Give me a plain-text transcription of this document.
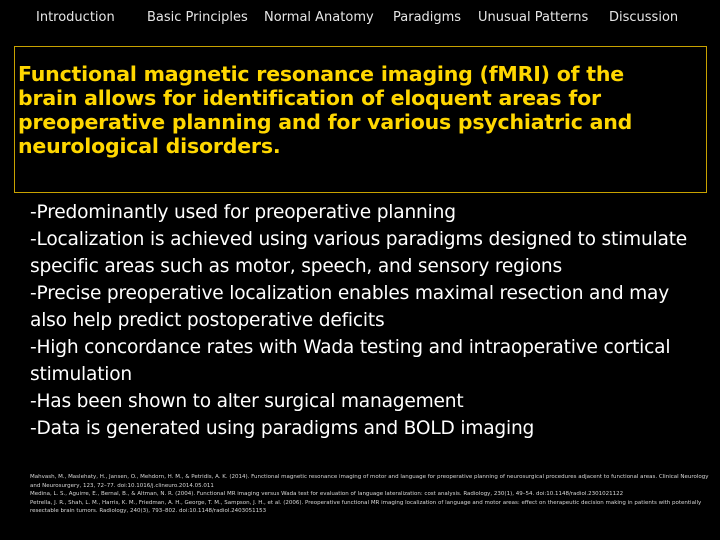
Introduction Basic Principles Normal Anatomy Paradigms Unusual Patterns Discussion
Functional magnetic resonance imaging (fMRI) of the brain allows for identification of eloquent areas for preoperative planning and for various psychiatric and neurological disorders.
-Predominantly used for preoperative planning
-Localization is achieved using various paradigms designed to stimulate specific areas such as motor, speech, and sensory regions
-Precise preoperative localization enables maximal resection and may also help predict postoperative deficits
-High concordance rates with Wada testing and intraoperative cortical stimulation
-Has been shown to alter surgical management
-Data is generated using paradigms and BOLD imaging
Mahvash, M., Maslehaty, H., Jansen, O., Mehdorn, H. M., & Petridis, A. K. (2014). Functional magnetic resonance imaging of motor and language for preoperative planning of neurosurgical procedures adjacent to functional areas. Clinical Neurology and Neurosurgery, 123, 72–77. doi:10.1016/j.clineuro.2014.05.011
Medina, L. S., Aguirre, E., Bernal, B., & Altman, N. R. (2004). Functional MR imaging versus Wada test for evaluation of language lateralization: cost analysis. Radiology, 230(1), 49–54. doi:10.1148/radiol.2301021122
Petrella, J. R., Shah, L. M., Harris, K. M., Friedman, A. H., George, T. M., Sampson, J. H., et al. (2006). Preoperative functional MR imaging localization of language and motor areas: effect on therapeutic decision making in patients with potentially resectable brain tumors. Radiology, 240(3), 793–802. doi:10.1148/radiol.2403051153
